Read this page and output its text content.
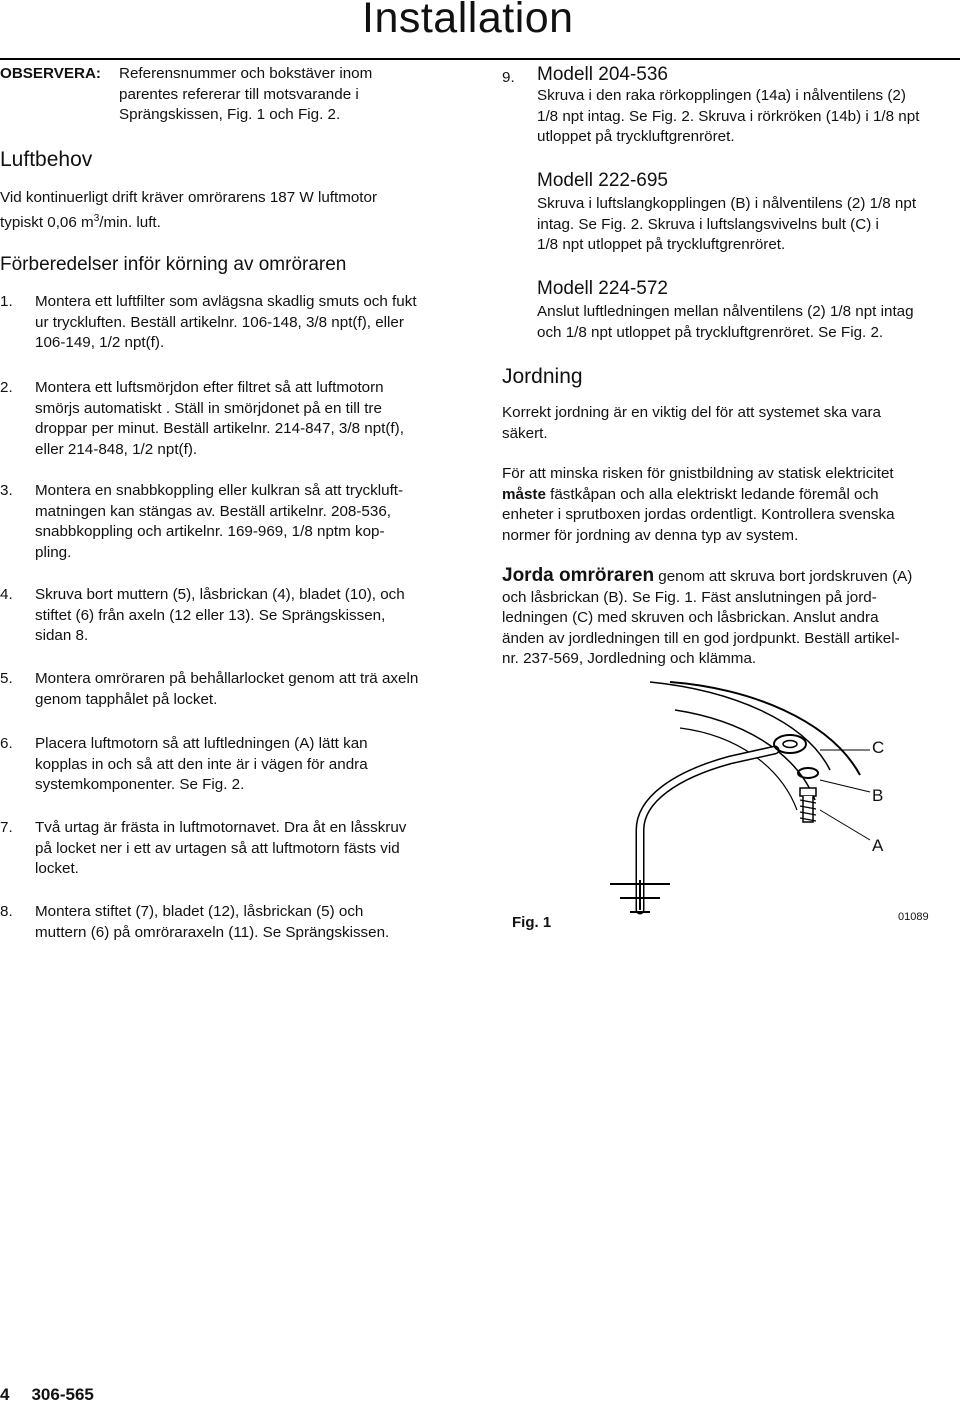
Installation
OBSERVERA: Referensnummer och bokstäver inom
parentes refererar till motsvarande i
Sprängskissen, Fig. 1 och Fig. 2.
Luftbehov
Vid kontinuerligt drift kräver omrörarens 187 W luftmotor
typiskt 0,06 $m^3/\min$. luft.
Förberedelser inför körning av omröraren
1. Montera ett luftfilter som avlägsna skadlig smuts och fukt
ur tryckluften. Beställ artikelnr. 106-148, 3/8 npt(f), eller
106-149, 1/2 npt(f).
2. Montera ett luftsmörjdon efter filtret så att luftmotorn
smörjs automatiskt . Ställ in smörjdonet på en till tre
droppar per minut. Beställ artikelnr. 214-847, 3/8 npt(f),
eller 214-848, 1/2 npt(f).
3. Montera en snabbkoppling eller kulkran så att tryckluft-
matningen kan stängas av. Beställ artikelnr. 208-536,
snabbkoppling och artikelnr. 169-969, 1/8 nptm kop-
pling.
4. Skruva bort muttern (5), låsbrickan (4), bladet (10), och
stiftet (6) från axeln (12 eller 13). Se Sprängskissen,
sidan 8.
5. Montera omröraren på behållarlocket genom att trä axeln
genom tapphålet på locket.
6. Placera luftmotorn så att luftledningen (A) lätt kan
kopplas in och så att den inte är i vägen för andra
systemkomponenter. Se Fig. 2.
7. Två urtag är frästa in luftmotornavet. Dra åt en låsskruv
på locket ner i ett av urtagen så att luftmotorn fästs vid
locket.
8. Montera stiftet (7), bladet (12), låsbrickan (5) och
muttern (6) på omröraraxeln (11). Se Sprängskissen.
9. Modell 204-536
Skruva i den raka rörkopplingen (14a) i nålventilens (2)
1/8 npt intag. Se Fig. 2. Skruva i rörkröken (14b) i 1/8 npt
utloppet på tryckluftgrenröret.
Modell 222-695
Skruva i luftslangkopplingen (B) i nålventilens (2) 1/8 npt
intag. Se Fig. 2. Skruva i luftslangsvivelns bult (C) i
1/8 npt utloppet på tryckluftgrenröret.
Modell 224-572
Anslut luftledningen mellan nålventilens (2) 1/8 npt intag
och 1/8 npt utloppet på tryckluftgrenröret. Se Fig. 2.
Jordning
Korrekt jordning är en viktig del för att systemet ska vara
säkert.
För att minska risken för gnistbildning av statisk elektricitet
måste fästkåpan och alla elektriskt ledande föremål och
enheter i sprutboxen jordas ordentligt. Kontrollera svenska
normer för jordning av denna typ av system.
Jorda omröraren genom att skruva bort jordskruven (A)
och låsbrickan (B). Se Fig. 1. Fäst anslutningen på jord-
ledningen (C) med skruven och låsbrickan. Anslut andra
änden av jordledningen till en god jordpunkt. Beställ artikel-
nr. 237-569, Jordledning och klämma.
C
B
A
Fig. 1	01089
4 306-565
